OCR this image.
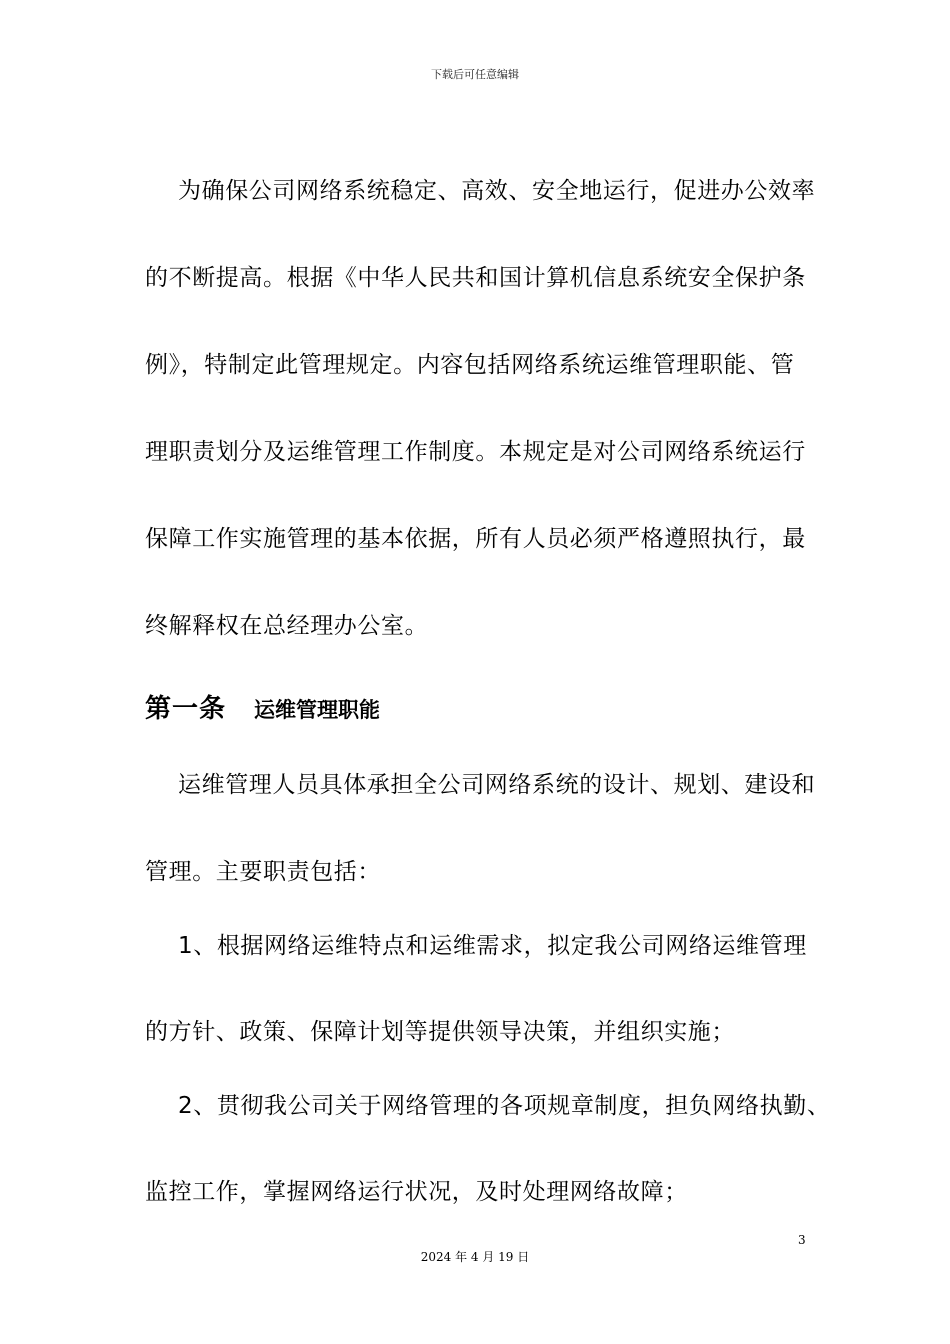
下载后可任意编辑
为确保公司网络系统稳定、高效、安全地运行，促进办公效率
的不断提高。根据《中华人民共和国计算机信息系统安全保护条
例》，特制定此管理规定。内容包括网络系统运维管理职能、管
理职责划分及运维管理工作制度。本规定是对公司网络系统运行
保障工作实施管理的基本依据，所有人员必须严格遵照执行，最
终解释权在总经理办公室。
第一条 运维管理职能
运维管理人员具体承担全公司网络系统的设计、规划、建设和
管理。主要职责包括：
1、根据网络运维特点和运维需求，拟定我公司网络运维管理
的方针、政策、保障计划等提供领导决策，并组织实施；
2、贯彻我公司关于网络管理的各项规章制度，担负网络执勤、
监控工作，掌握网络运行状况，及时处理网络故障；
3
2024 年 4 月 19 日
